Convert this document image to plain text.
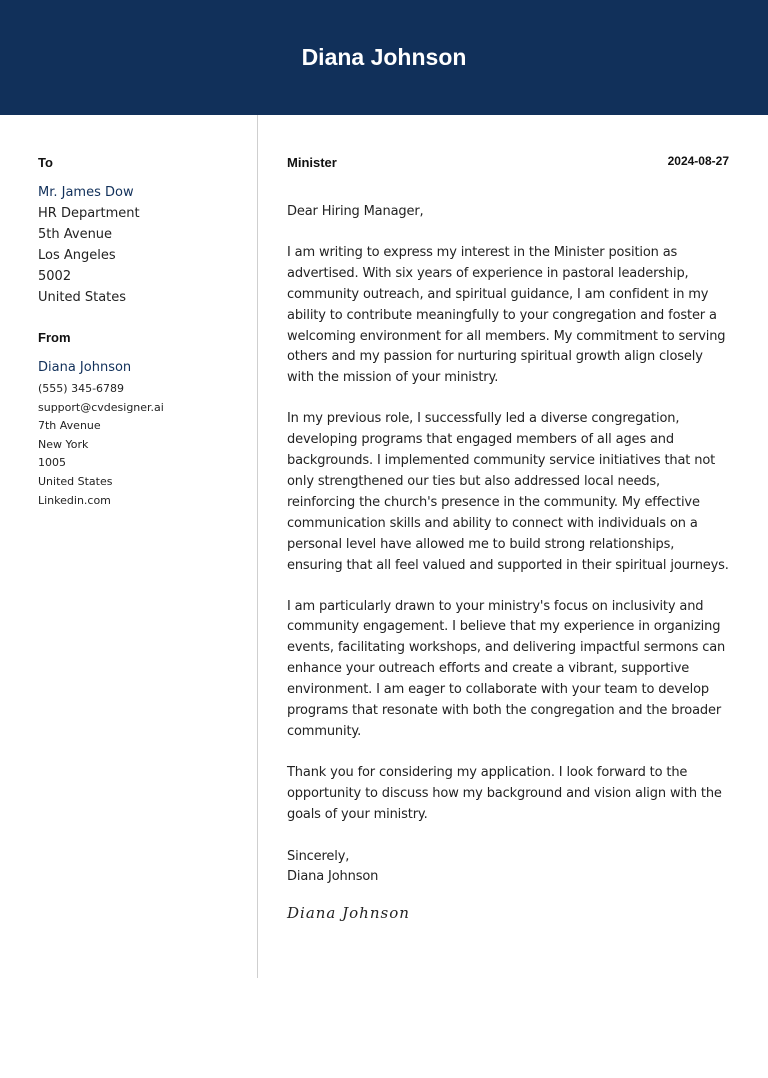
Diana Johnson
To
Mr. James Dow
HR Department
5th Avenue
Los Angeles
5002
United States
From
Diana Johnson
(555) 345-6789
support@cvdesigner.ai
7th Avenue
New York
1005
United States
Linkedin.com
Minister	2024-08-27
Dear Hiring Manager,
I am writing to express my interest in the Minister position as advertised. With six years of experience in pastoral leadership, community outreach, and spiritual guidance, I am confident in my ability to contribute meaningfully to your congregation and foster a welcoming environment for all members. My commitment to serving others and my passion for nurturing spiritual growth align closely with the mission of your ministry.
In my previous role, I successfully led a diverse congregation, developing programs that engaged members of all ages and backgrounds. I implemented community service initiatives that not only strengthened our ties but also addressed local needs, reinforcing the church's presence in the community. My effective communication skills and ability to connect with individuals on a personal level have allowed me to build strong relationships, ensuring that all feel valued and supported in their spiritual journeys.
I am particularly drawn to your ministry's focus on inclusivity and community engagement. I believe that my experience in organizing events, facilitating workshops, and delivering impactful sermons can enhance your outreach efforts and create a vibrant, supportive environment. I am eager to collaborate with your team to develop programs that resonate with both the congregation and the broader community.
Thank you for considering my application. I look forward to the opportunity to discuss how my background and vision align with the goals of your ministry.
Sincerely,
Diana Johnson
Diana Johnson
